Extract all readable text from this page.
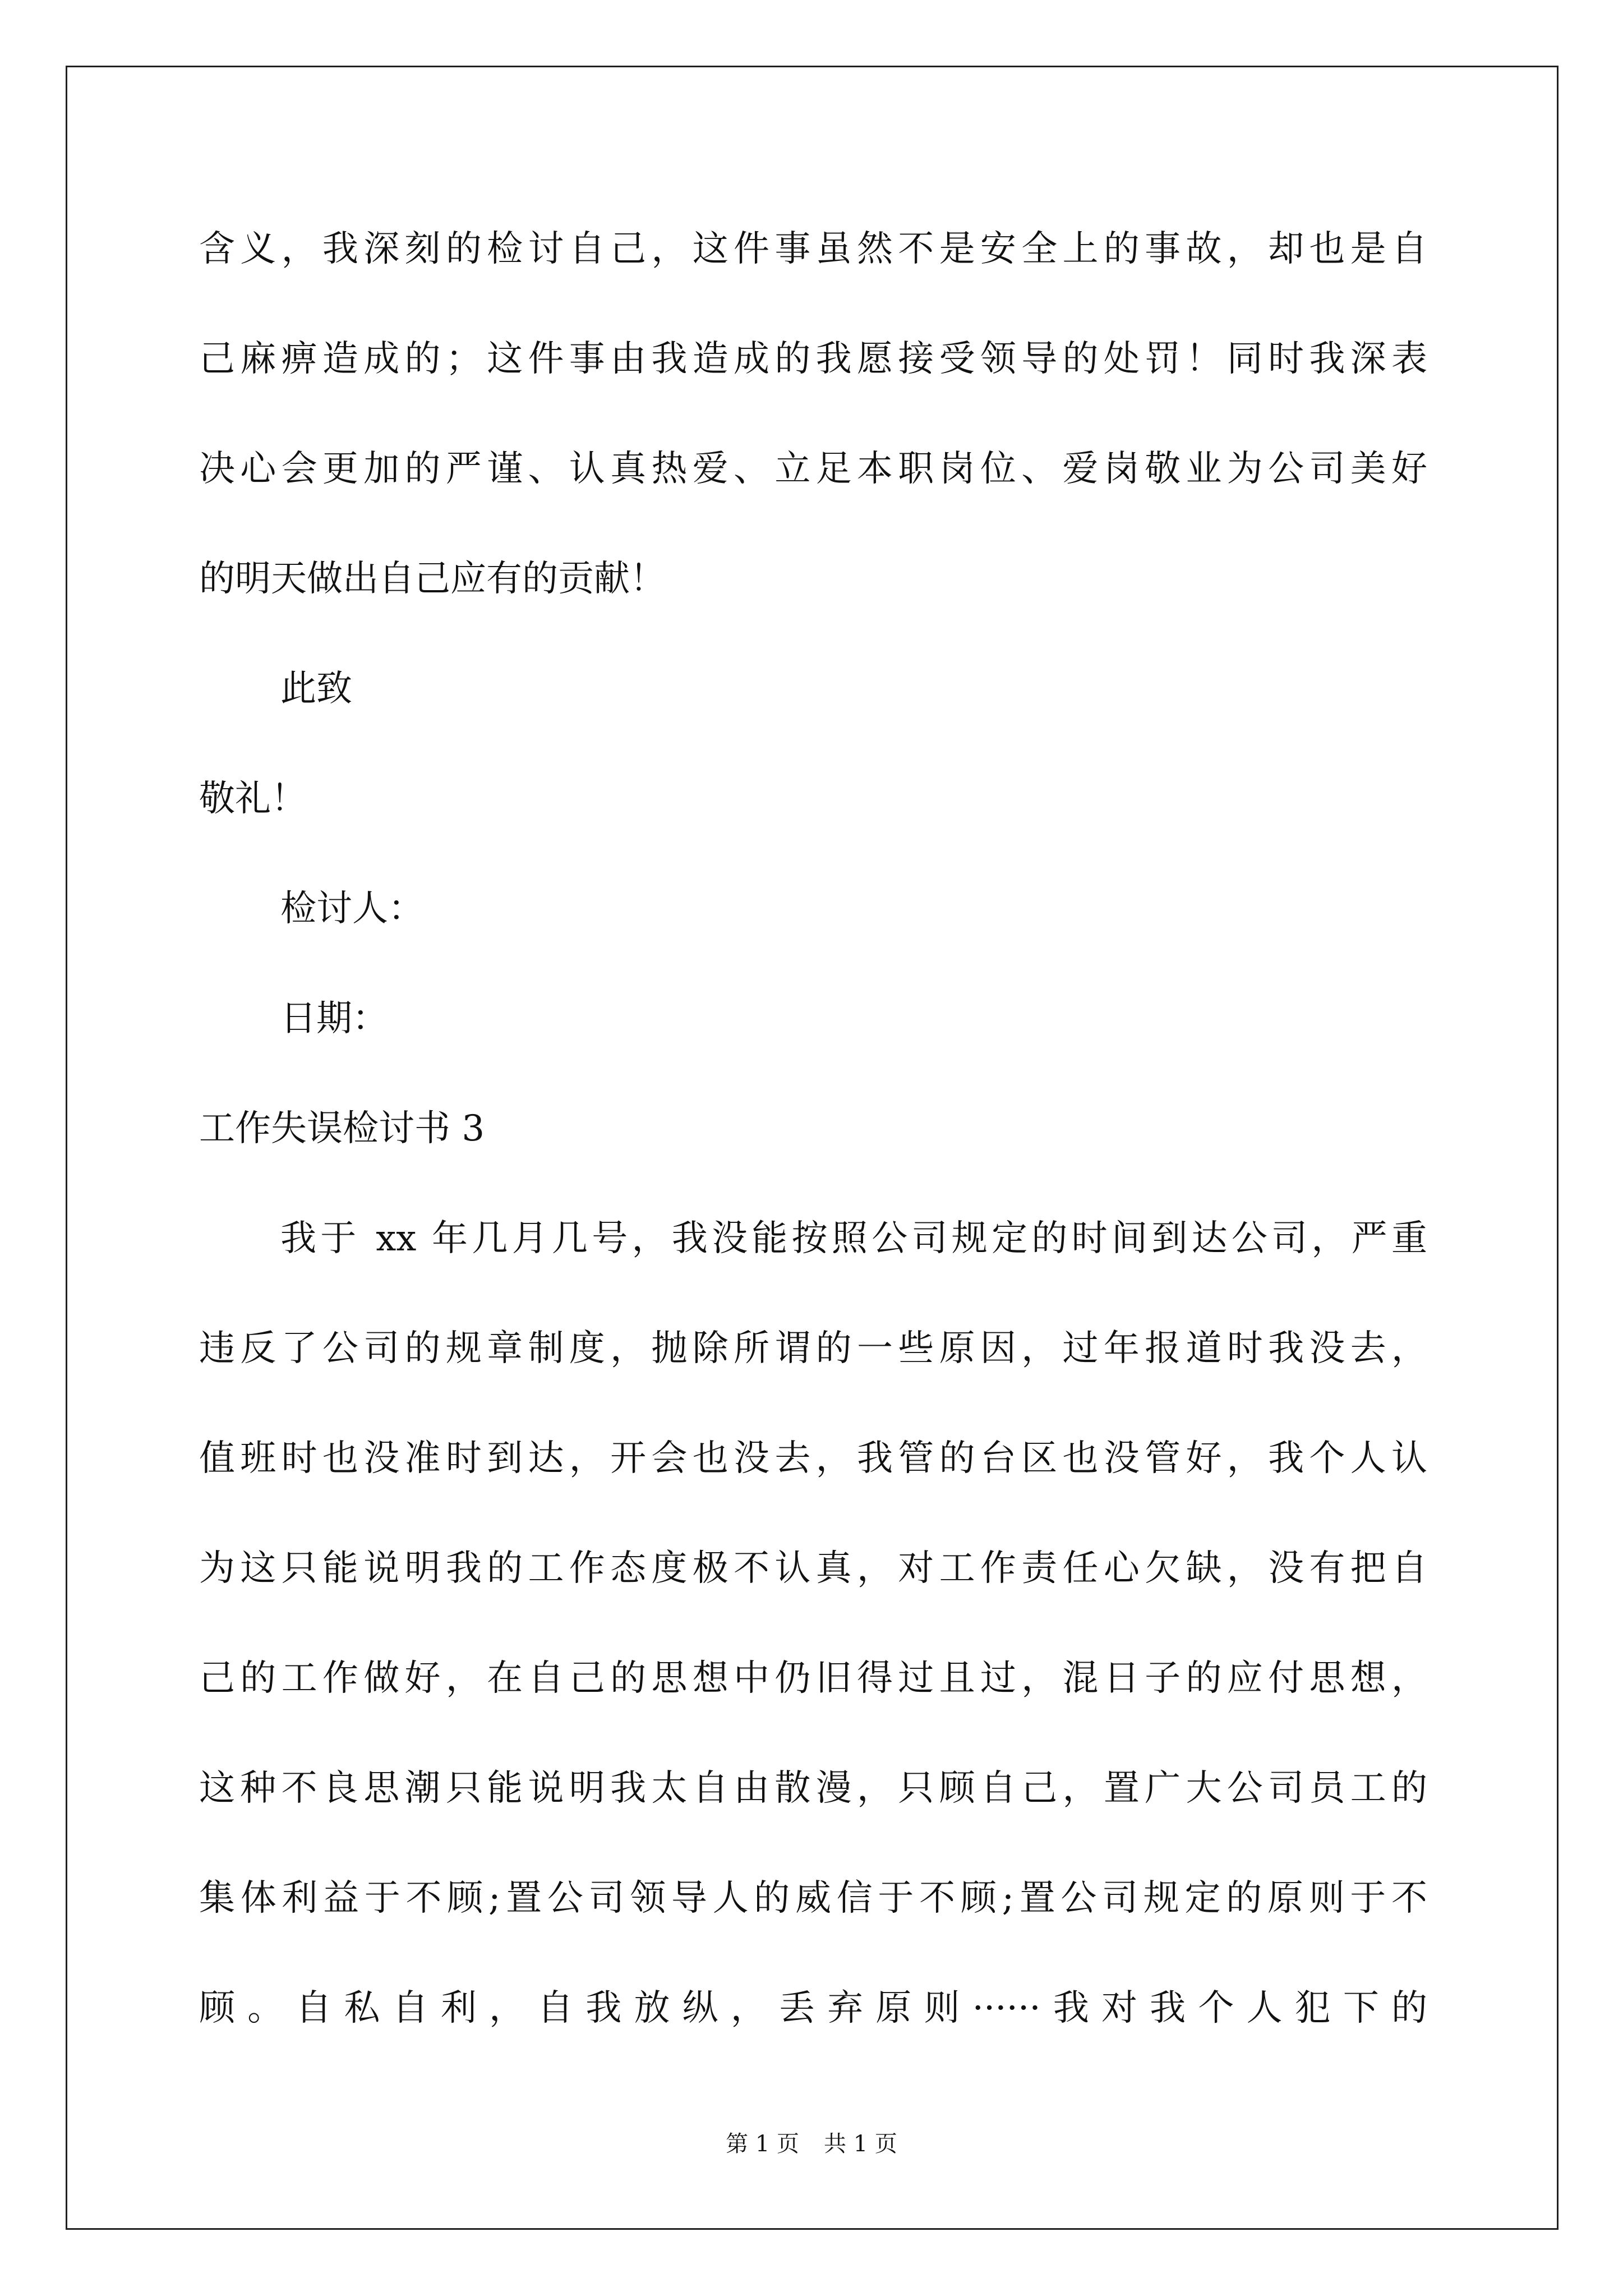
含义，我深刻的检讨自己，这件事虽然不是安全上的事故，却也是自
己麻痹造成的；这件事由我造成的我愿接受领导的处罚！同时我深表
决心会更加的严谨、认真热爱、立足本职岗位、爱岗敬业为公司美好
的明天做出自己应有的贡献！
此致
敬礼！
检讨人：
日期：
工作失误检讨书 3
我于 xx 年几月几号，我没能按照公司规定的时间到达公司，严重
违反了公司的规章制度，抛除所谓的一些原因，过年报道时我没去，
值班时也没准时到达，开会也没去，我管的台区也没管好，我个人认
为这只能说明我的工作态度极不认真，对工作责任心欠缺，没有把自
己的工作做好，在自己的思想中仍旧得过且过，混日子的应付思想，
这种不良思潮只能说明我太自由散漫，只顾自己，置广大公司员工的
集体利益于不顾;置公司领导人的威信于不顾;置公司规定的原则于不
顾。自私自利，自我放纵，丢弃原则······我对我个人犯下的
第 1 页 共 1 页
